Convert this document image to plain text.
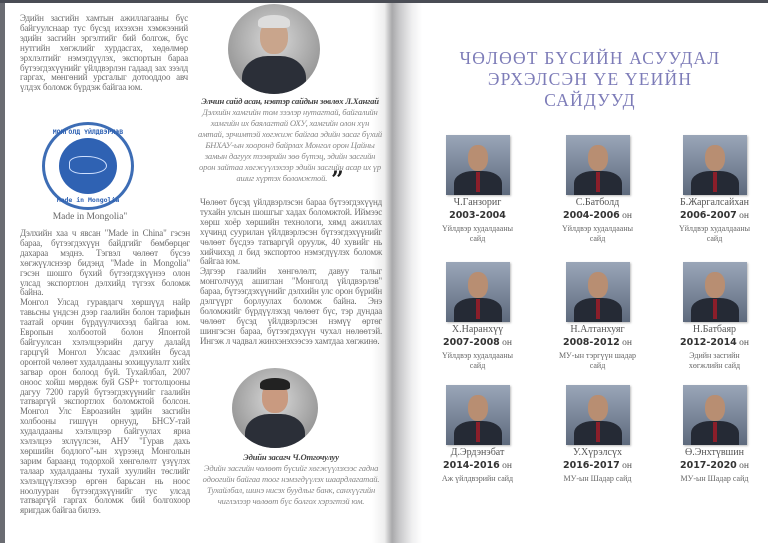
Эдийн засгийн хамтын ажиллагааны бүс байгуулснаар тус бүсэд ихээхэн хэмжээний эдийн засгийн эргэлтийг бий болгож, бүс нутгийн хөгжлийг хурдасгах, хөдөлмөр эрхлэлтийг нэмэгдүүлэх, экспортын бараа бүтээгдэхүүнийг үйлдвэрлэн гадаад зах зээлд гаргах, мөнгөний урсгалыг дотооддоо авч үлдэх боломж бүрдэж байгаа юм.
МОНГОЛД ҮЙЛДВЭРЛЭВ
Made in Mongolia
Made in Mongolia"

Дэлхийн хаа ч явсан "Made in China" гэсэн бараа, бүтээгдэхүүн байдгийг бөмбөрцөг дахараа мэднэ. Тэгвэл чөлөөт бүсээ хөгжүүлснээр бидэнд "Made in Mongolia" гэсэн шошго бүхий бүтээгдэхүүнээ олон улсад экспортлон дэлхийд түгээх боломж байна.

Монгол Улсад гуравдагч хөршүүд найр тавьсны үндсэн дээр гаалийн болон тарифын таатай орчин бүрдүүлчихээд байгаа юм. Европын холбоотой болон Японтой байгуулсан хэлэлцээрийн дагуу далайд гарцгүй Монгол Улсаас дэлхийн бусад оронтой чөлөөт худалдааны зохицуулалт хийх загвар орон болоод бүй. Тухайлбал, 2007 оноос хойш мөрдөж буй GSP+ тогтолцооны дагуу 7200 гаруй бүтээгдэхүүнийг гаалийн татваргүй экспортлох боломжтой болсон. Монгол Улс Евроазийн эдийн засгийн холбооны гишүүн орнууд, БНСУ-тай худалдааны хэлэлцээр байгуулах яриа хэлэлцээ эхлүүлсэн, АНУ "Гурав дахь хөршийн бодлого"-ын хүрээнд Монголын зарим бараанд тодорхой хөнгөлөлт үзүүлэх талаар худалдааны тухай хуулийн төслийг хэлэлцүүлэхээр өргөн барьсан нь ноос ноолууран бүтээгдэхүүнийг тус улсад татваргүй гаргах боломж бий болгохоор яригдаж байгаа билээ.

Элчин сайд асан, нэвтэр сайдын зөвлөх Л.Хангай
Дэлхийн хамгийн том зээлэр нутагтай, байгалийн хамгийн их баялагтай ОХУ, хамгийн олон хүн амтай, эрчимтэй хөгжиж байгаа эдийн засаг бүхий БНХАУ-ын хооронд байрлах Монгол орон Цайны замын дагуух тээврийн зөө бүтэц, эдийн засгийн орон зайтаа хөгжүүлэхээр эдийн засгийн асар их үр ашиг хүртэх боломжтой. ”

Чөлөөт бүсэд үйлдвэрлэсэн бараа бүтээгдэхүүнд тухайн улсын шошгыг хадах боломжтой. Иймээс хөрш хоёр хөршийн технологи, хямд ажиллах хүчинд суурилан үйлдвэрлэсэн бүтээгдэхүүнийг чөлөөт бүсдээ татваргүй оруулж, 40 хувийг нь хийчихэд л бид экспортоо нэмэгдүүлэх боломж байгаа юм.

Эдгээр гаалийн хөнгөлөлт, давуу талыг монголчууд ашиглан "Монголд үйлдвэрлэв" бараа, бүтээгдэхүүнийг дэлхийн улс орон бүрийн дэлгүүрт борлуулах боломж байна. Энэ боломжийг бүрдүүлэхэд чөлөөт бүс, тэр дундаа чөлөөт бүсэд үйлдвэрлэсэн нэмүү өртөг шингэсэн бараа, бүтээгдэхүүн чухал нөлөөтэй. Ингэж л чадвал жинхэнэхээсээ хамтдаа хөгжинө.

Эдийн засагч Ч.Отгочулуу
Эдийн засгийн чөлөөт бүсийг хөгжүүлэхээс гадна одоогийн байгаа тоог нэмэгдүүлэх шаардлагатай. Тухайлбал, шинэ нисэх буудлыг банк, санхүүгийн чиглэлээр чөлөөт бүс болгох хэрэгтэй юм.
ЧӨЛӨӨТ БҮСИЙН АСУУДАЛ ЭРХЭЛСЭН ҮЕ ҮЕИЙН САЙДУУД
Ч.Ганзориг
2003-2004
Үйлдвэр худалдааны сайд
С.Батболд
2004-2006 он
Үйлдвэр худалдааны сайд
Б.Жаргалсайхан
2006-2007 он
Үйлдвэр худалдааны сайд
Х.Наранхүү
2007-2008 он
Үйлдвэр худалдааны сайд
Н.Алтанхуяг
2008-2012 он
МУ-ын тэргүүн шадар сайд
Н.Батбаяр
2012-2014 он
Эдийн засгийн хөгжлийн сайд
Д.Эрдэнэбат
2014-2016 он
Аж үйлдвэрийн сайд
У.Хүрэлсүх
2016-2017 он
МУ-ын Шадар сайд
Ө.Энхтүвшин
2017-2020 он
МУ-ын Шадар сайд
